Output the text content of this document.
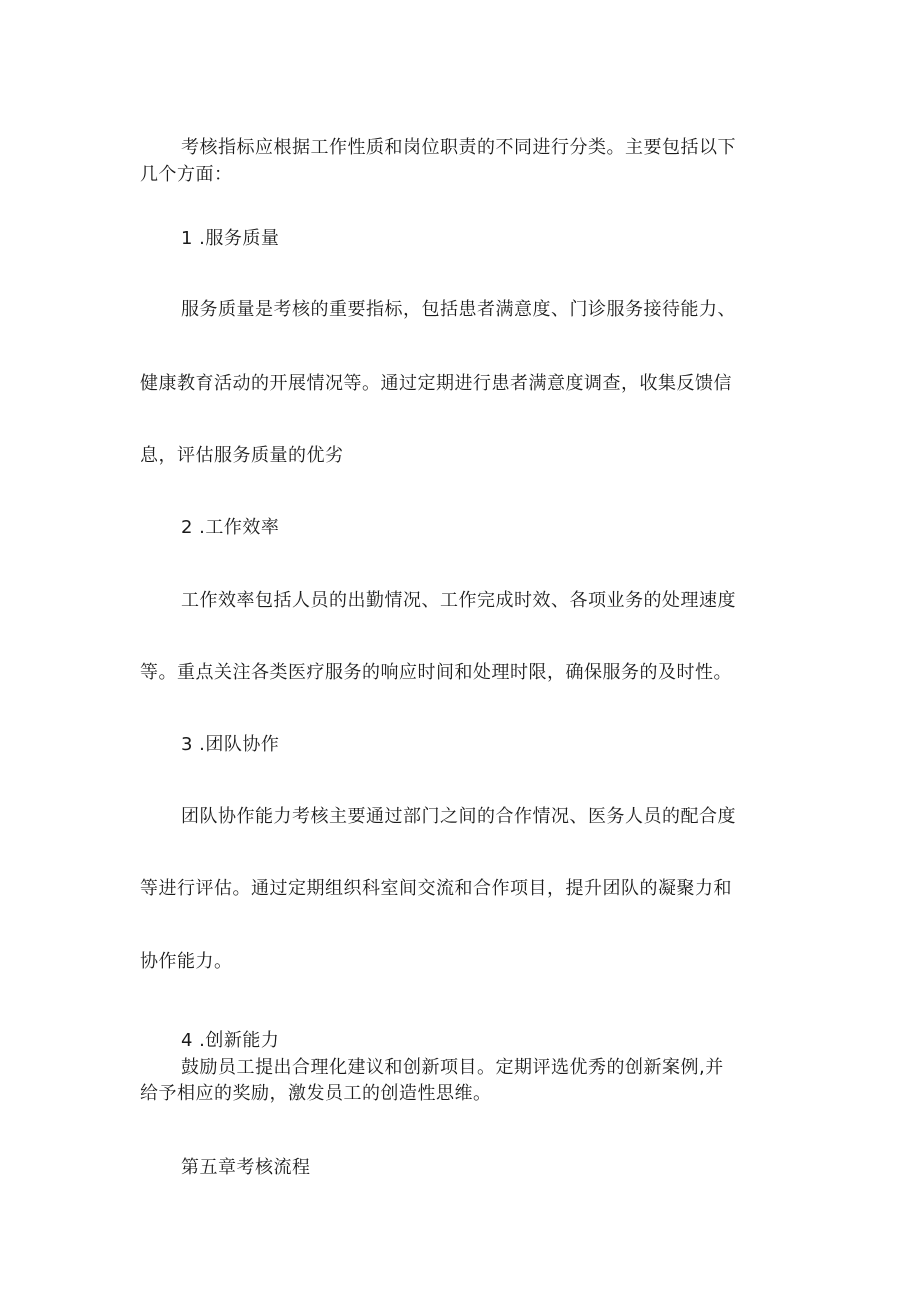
考核指标应根据工作性质和岗位职责的不同进行分类。主要包括以下

几个方面：

1 .服务质量

服务质量是考核的重要指标，包括患者满意度、门诊服务接待能力、

健康教育活动的开展情况等。通过定期进行患者满意度调查，收集反馈信

息，评估服务质量的优劣

2 .工作效率

工作效率包括人员的出勤情况、工作完成时效、各项业务的处理速度

等。重点关注各类医疗服务的响应时间和处理时限，确保服务的及时性。

3 .团队协作

团队协作能力考核主要通过部门之间的合作情况、医务人员的配合度

等进行评估。通过定期组织科室间交流和合作项目，提升团队的凝聚力和

协作能力。

4 .创新能力

鼓励员工提出合理化建议和创新项目。定期评选优秀的创新案例,并

给予相应的奖励，激发员工的创造性思维。

第五章考核流程
